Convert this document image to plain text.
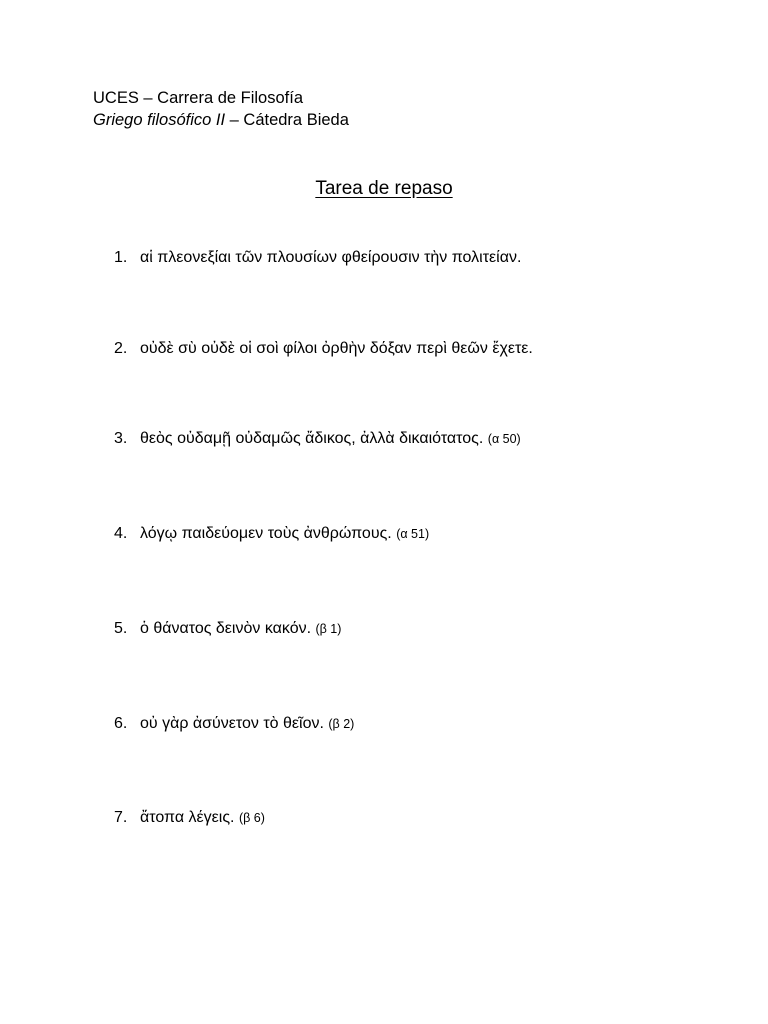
UCES – Carrera de Filosofía
Griego filosófico II – Cátedra Bieda
Tarea de repaso
1. αἱ πλεονεξίαι τῶν πλουσίων φθείρουσιν τὴν πολιτείαν.
2. οὐδὲ σὺ οὐδὲ οἱ σοὶ φίλοι ὀρθὴν δόξαν περὶ θεῶν ἔχετε.
3. θεὸς οὐδαμῇ οὐδαμῶς ἄδικος, ἀλλὰ δικαιότατος. (α 50)
4. λόγῳ παιδεύομεν τοὺς ἀνθρώπους. (α 51)
5. ὁ θάνατος δεινὸν κακόν. (β 1)
6. οὐ γὰρ ἀσύνετον τὸ θεῖον. (β 2)
7. ἄτοπα λέγεις. (β 6)
